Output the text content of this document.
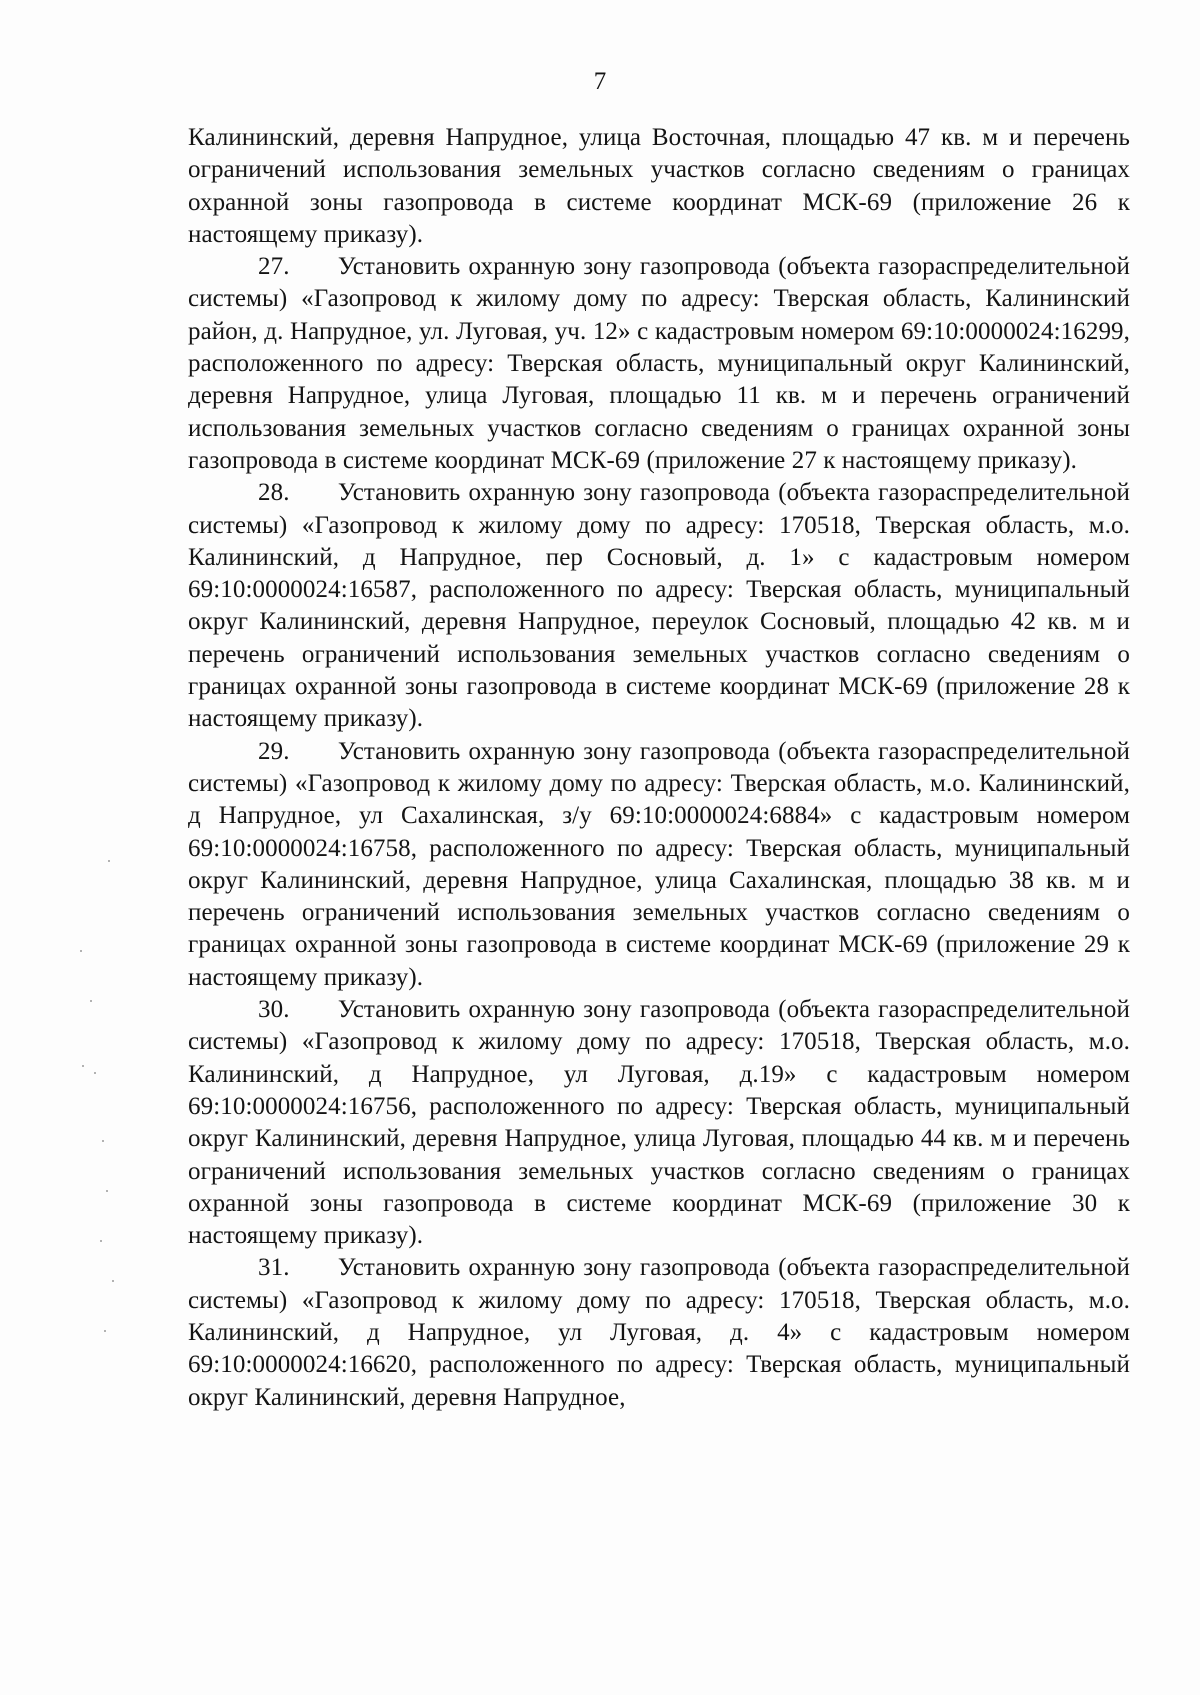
7

Калининский, деревня Напрудное, улица Восточная, площадью 47 кв. м и перечень ограничений использования земельных участков согласно сведениям о границах охранной зоны газопровода в системе координат МСК-69 (приложение 26 к настоящему приказу).

27.      Установить охранную зону газопровода (объекта газораспределительной системы) «Газопровод к жилому дому по адресу: Тверская область, Калининский район, д. Напрудное, ул. Луговая, уч. 12» с кадастровым номером 69:10:0000024:16299, расположенного по адресу: Тверская область, муниципальный округ Калининский, деревня Напрудное, улица Луговая, площадью 11 кв. м и перечень ограничений использования земельных участков согласно сведениям о границах охранной зоны газопровода в системе координат МСК-69 (приложение 27 к настоящему приказу).

28.      Установить охранную зону газопровода (объекта газораспределительной системы) «Газопровод к жилому дому по адресу: 170518, Тверская область, м.о. Калининский, д Напрудное, пер Сосновый, д. 1» с кадастровым номером 69:10:0000024:16587, расположенного по адресу: Тверская область, муниципальный округ Калининский, деревня Напрудное, переулок Сосновый, площадью 42 кв. м и перечень ограничений использования земельных участков согласно сведениям о границах охранной зоны газопровода в системе координат МСК-69 (приложение 28 к настоящему приказу).

29.      Установить охранную зону газопровода (объекта газораспределительной системы) «Газопровод к жилому дому по адресу: Тверская область, м.о. Калининский, д Напрудное, ул Сахалинская, з/у 69:10:0000024:6884» с кадастровым номером 69:10:0000024:16758, расположенного по адресу: Тверская область, муниципальный округ Калининский, деревня Напрудное, улица Сахалинская, площадью 38 кв. м и перечень ограничений использования земельных участков согласно сведениям о границах охранной зоны газопровода в системе координат МСК-69 (приложение 29 к настоящему приказу).

30.      Установить охранную зону газопровода (объекта газораспределительной системы) «Газопровод к жилому дому по адресу: 170518, Тверская область, м.о. Калининский, д Напрудное, ул Луговая, д.19» с кадастровым номером 69:10:0000024:16756, расположенного по адресу: Тверская область, муниципальный округ Калининский, деревня Напрудное, улица Луговая, площадью 44 кв. м и перечень ограничений использования земельных участков согласно сведениям о границах охранной зоны газопровода в системе координат МСК-69 (приложение 30 к настоящему приказу).

31.      Установить охранную зону газопровода (объекта газораспределительной системы) «Газопровод к жилому дому по адресу: 170518, Тверская область, м.о. Калининский, д Напрудное, ул Луговая, д. 4» с кадастровым номером 69:10:0000024:16620, расположенного по адресу: Тверская область, муниципальный округ Калининский, деревня Напрудное,
